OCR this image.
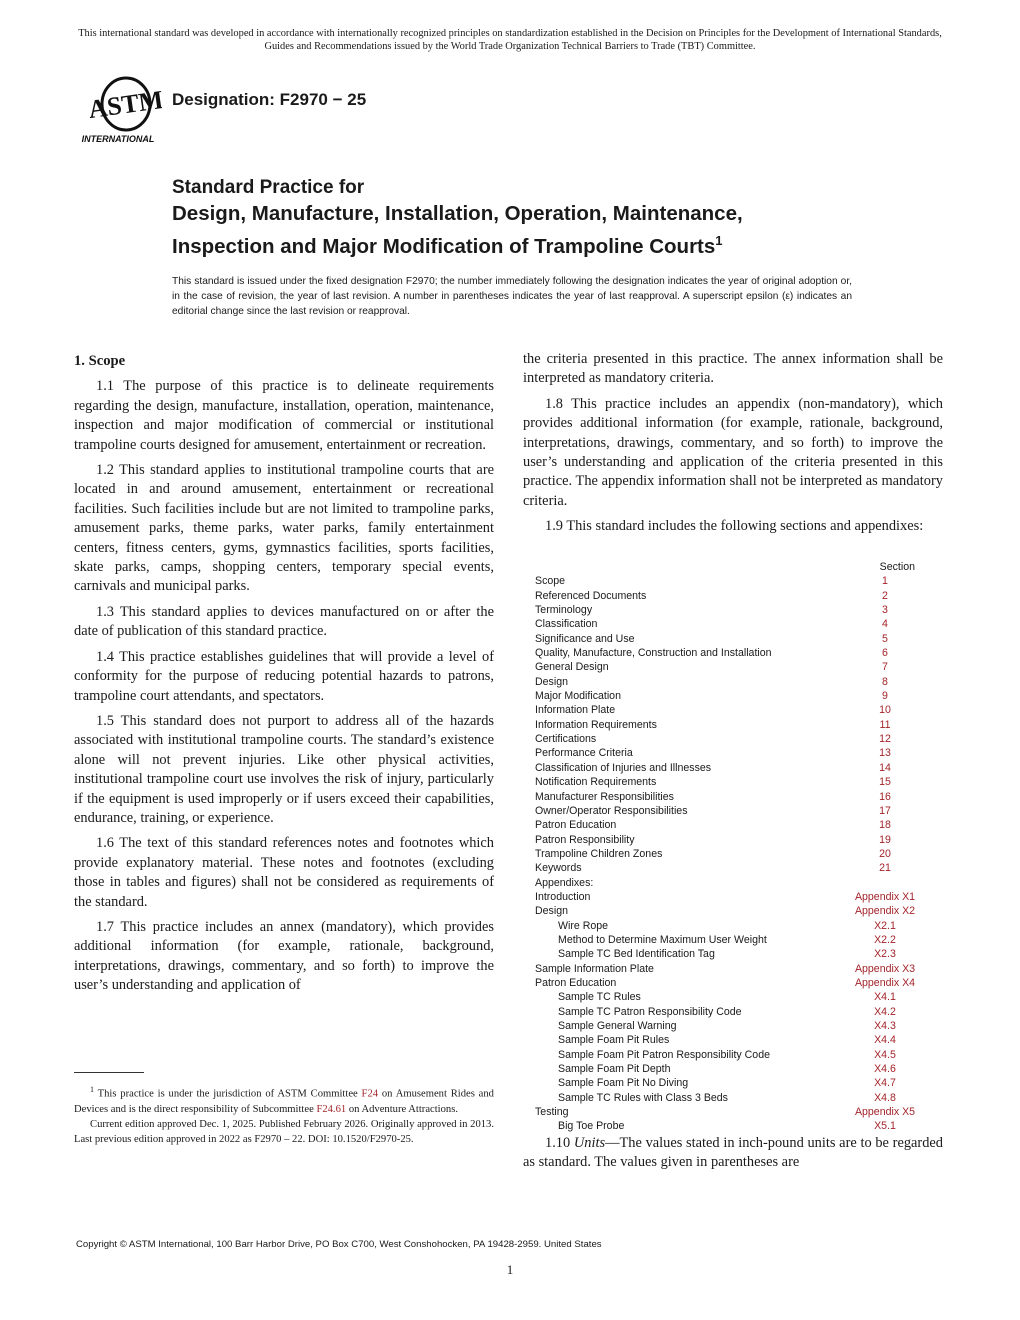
This international standard was developed in accordance with internationally recognized principles on standardization established in the Decision on Principles for the Development of International Standards, Guides and Recommendations issued by the World Trade Organization Technical Barriers to Trade (TBT) Committee.
ASTM
INTERNATIONAL
Designation: F2970 − 25
Standard Practice for
Design, Manufacture, Installation, Operation, Maintenance,
Inspection and Major Modification of Trampoline Courts$^1$
This standard is issued under the fixed designation F2970; the number immediately following the designation indicates the year of original adoption or, in the case of revision, the year of last revision. A number in parentheses indicates the year of last reapproval. A superscript epsilon (ε) indicates an editorial change since the last revision or reapproval.
1. Scope

1.1 The purpose of this practice is to delineate requirements regarding the design, manufacture, installation, operation, maintenance, inspection and major modification of commercial or institutional trampoline courts designed for amusement, entertainment or recreation.

1.2 This standard applies to institutional trampoline courts that are located in and around amusement, entertainment or recreational facilities. Such facilities include but are not limited to trampoline parks, amusement parks, theme parks, water parks, family entertainment centers, fitness centers, gyms, gymnastics facilities, sports facilities, skate parks, camps, shopping centers, temporary special events, carnivals and municipal parks.

1.3 This standard applies to devices manufactured on or after the date of publication of this standard practice.

1.4 This practice establishes guidelines that will provide a level of conformity for the purpose of reducing potential hazards to patrons, trampoline court attendants, and spectators.

1.5 This standard does not purport to address all of the hazards associated with institutional trampoline courts. The standard’s existence alone will not prevent injuries. Like other physical activities, institutional trampoline court use involves the risk of injury, particularly if the equipment is used improperly or if users exceed their capabilities, endurance, training, or experience.

1.6 The text of this standard references notes and footnotes which provide explanatory material. These notes and footnotes (excluding those in tables and figures) shall not be considered as requirements of the standard.

1.7 This practice includes an annex (mandatory), which provides additional information (for example, rationale, background, interpretations, drawings, commentary, and so forth) to improve the user’s understanding and application of

$^1$ This practice is under the jurisdiction of ASTM Committee F24 on Amusement Rides and Devices and is the direct responsibility of Subcommittee F24.61 on Adventure Attractions.

Current edition approved Dec. 1, 2025. Published February 2026. Originally approved in 2013. Last previous edition approved in 2022 as F2970 – 22. DOI: 10.1520/F2970-25.

the criteria presented in this practice. The annex information shall be interpreted as mandatory criteria.

1.8 This practice includes an appendix (non-mandatory), which provides additional information (for example, rationale, background, interpretations, drawings, commentary, and so forth) to improve the user’s understanding and application of the criteria presented in this practice. The appendix information shall not be interpreted as mandatory criteria.

1.9 This standard includes the following sections and appendixes:

Section
Scope	1
Referenced Documents	2
Terminology	3
Classification	4
Significance and Use	5
Quality, Manufacture, Construction and Installation	6
General Design	7
Design	8
Major Modification	9
Information Plate	10
Information Requirements	11
Certifications	12
Performance Criteria	13
Classification of Injuries and Illnesses	14
Notification Requirements	15
Manufacturer Responsibilities	16
Owner/Operator Responsibilities	17
Patron Education	18
Patron Responsibility	19
Trampoline Children Zones	20
Keywords	21
Appendixes:
Introduction	Appendix X1
Design	Appendix X2
Wire Rope	X2.1
Method to Determine Maximum User Weight	X2.2
Sample TC Bed Identification Tag	X2.3
Sample Information Plate	Appendix X3
Patron Education	Appendix X4
Sample TC Rules	X4.1
Sample TC Patron Responsibility Code	X4.2
Sample General Warning	X4.3
Sample Foam Pit Rules	X4.4
Sample Foam Pit Patron Responsibility Code	X4.5
Sample Foam Pit Depth	X4.6
Sample Foam Pit No Diving	X4.7
Sample TC Rules with Class 3 Beds	X4.8
Testing	Appendix X5
Big Toe Probe	X5.1

1.10 Units—The values stated in inch-pound units are to be regarded as standard. The values given in parentheses are

Copyright © ASTM International, 100 Barr Harbor Drive, PO Box C700, West Conshohocken, PA 19428-2959. United States
1
